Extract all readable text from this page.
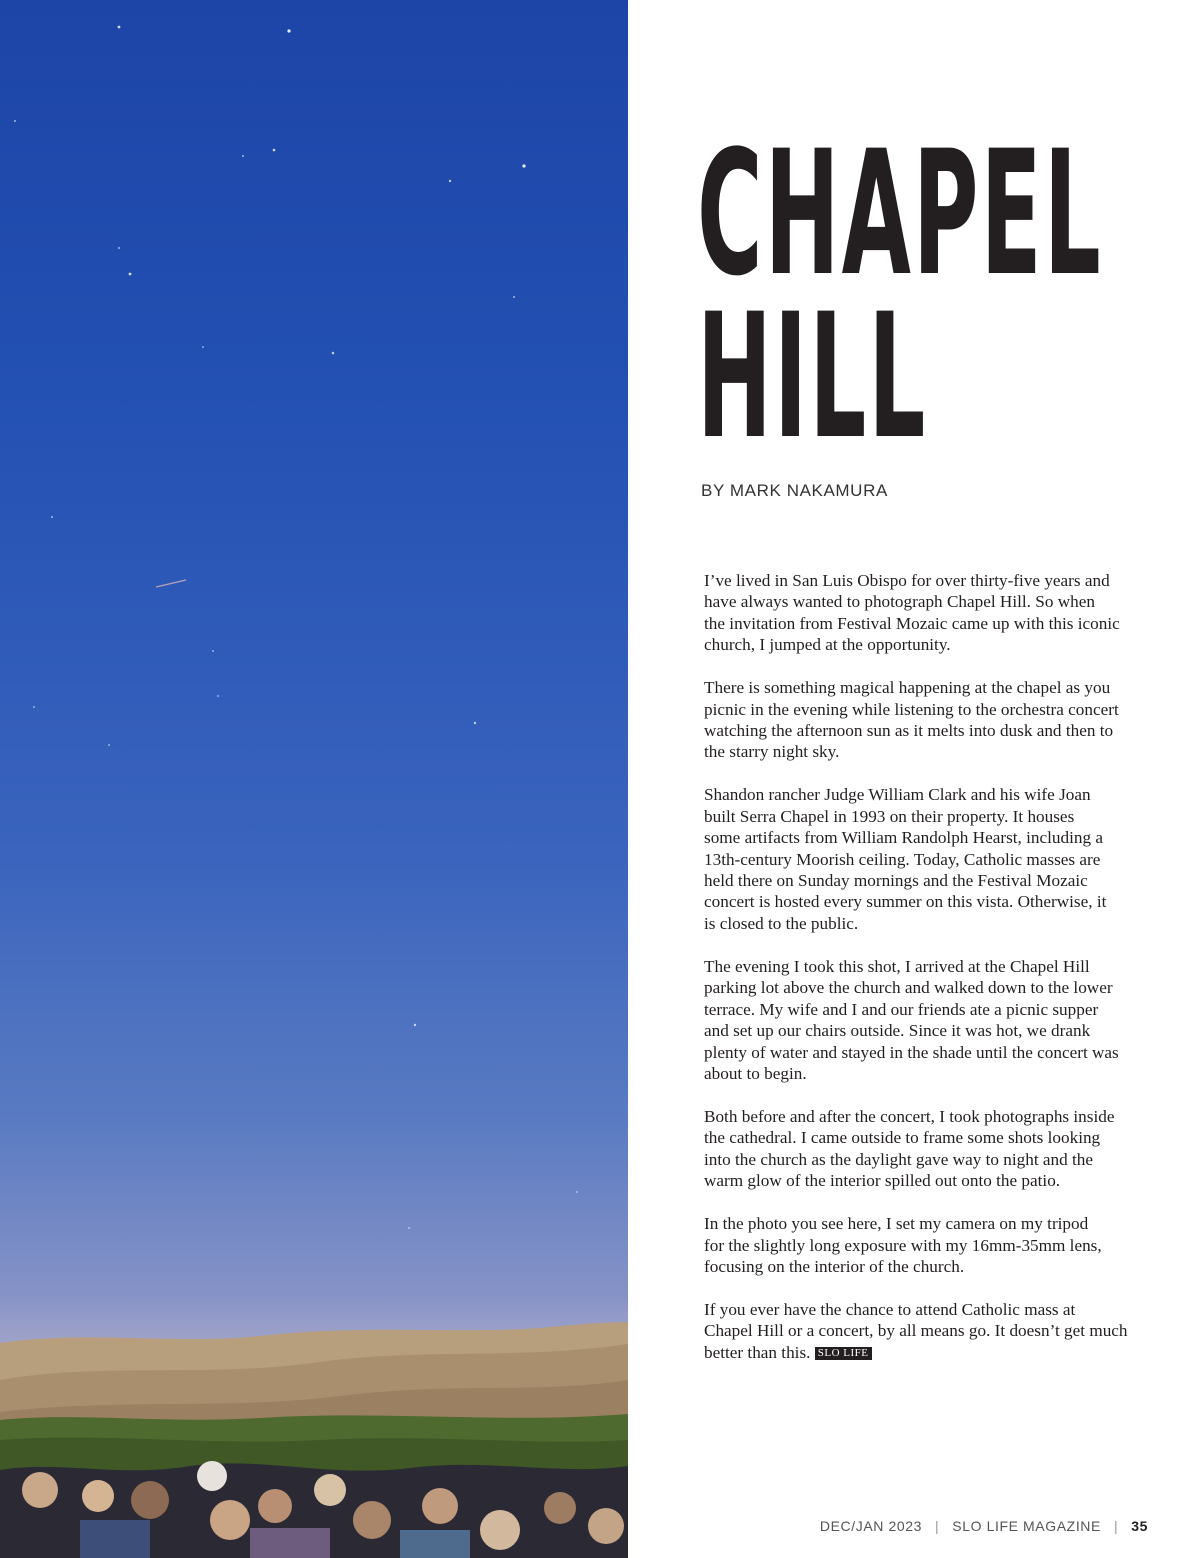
CHAPEL
HILL
BY MARK NAKAMURA

I’ve lived in San Luis Obispo for over thirty-five years and
have always wanted to photograph Chapel Hill. So when
the invitation from Festival Mozaic came up with this iconic
church, I jumped at the opportunity.

There is something magical happening at the chapel as you
picnic in the evening while listening to the orchestra concert
watching the afternoon sun as it melts into dusk and then to
the starry night sky.

Shandon rancher Judge William Clark and his wife Joan
built Serra Chapel in 1993 on their property. It houses
some artifacts from William Randolph Hearst, including a
13th-century Moorish ceiling. Today, Catholic masses are
held there on Sunday mornings and the Festival Mozaic
concert is hosted every summer on this vista. Otherwise, it
is closed to the public.

The evening I took this shot, I arrived at the Chapel Hill
parking lot above the church and walked down to the lower
terrace. My wife and I and our friends ate a picnic supper
and set up our chairs outside. Since it was hot, we drank
plenty of water and stayed in the shade until the concert was
about to begin.

Both before and after the concert, I took photographs inside
the cathedral. I came outside to frame some shots looking
into the church as the daylight gave way to night and the
warm glow of the interior spilled out onto the patio.

In the photo you see here, I set my camera on my tripod
for the slightly long exposure with my 16mm-35mm lens,
focusing on the interior of the church.

If you ever have the chance to attend Catholic mass at
Chapel Hill or a concert, by all means go. It doesn’t get much
better than this. SLO LIFE

DEC/JAN 2023 | SLO LIFE MAGAZINE | 35
